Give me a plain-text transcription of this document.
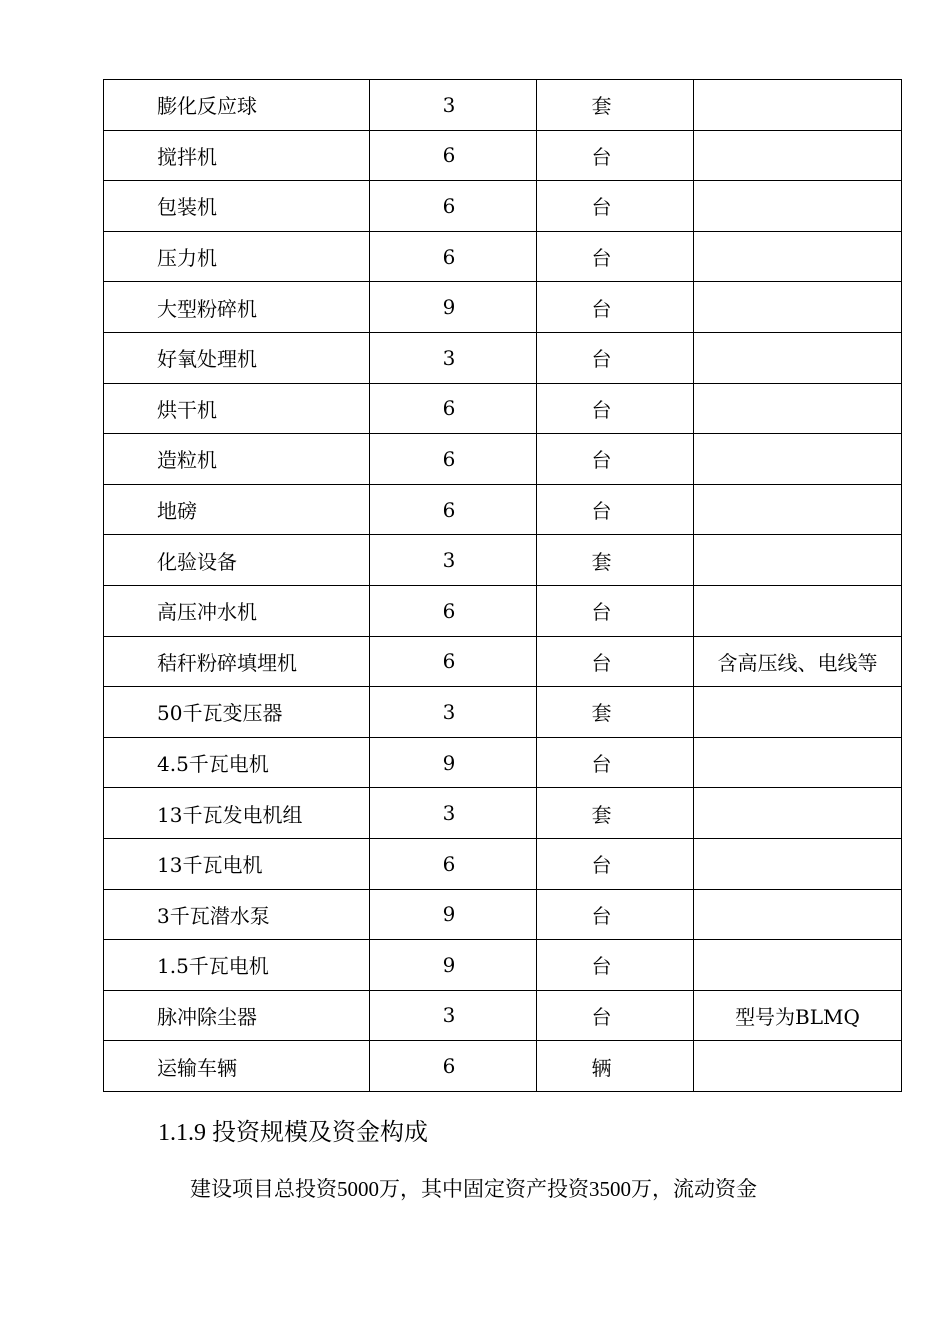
膨化反应球	3	套	
搅拌机	6	台	
包装机	6	台	
压力机	6	台	
大型粉碎机	9	台	
好氧处理机	3	台	
烘干机	6	台	
造粒机	6	台	
地磅	6	台	
化验设备	3	套	
高压冲水机	6	台	
秸秆粉碎填埋机	6	台	含高压线、电线等
50千瓦变压器	3	套	
4.5千瓦电机	9	台	
13千瓦发电机组	3	套	
13千瓦电机	6	台	
3千瓦潜水泵	9	台	
1.5千瓦电机	9	台	
脉冲除尘器	3	台	型号为BLMQ
运输车辆	6	辆	
1.1.9 投资规模及资金构成
建设项目总投资5000万，其中固定资产投资3500万，流动资金
